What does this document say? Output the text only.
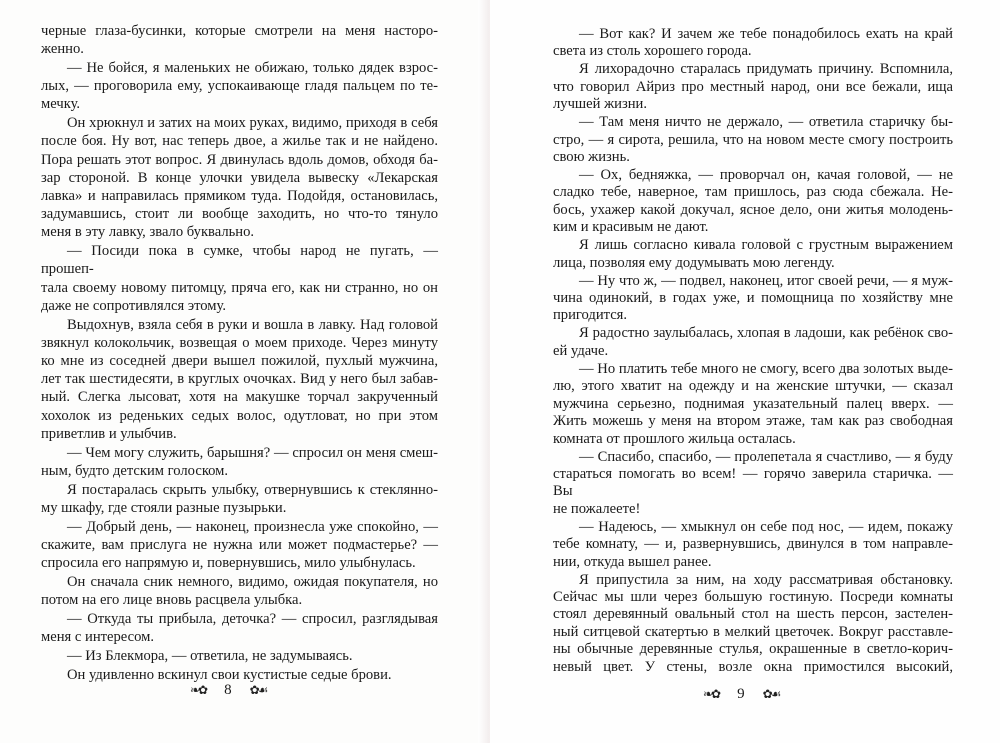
черные глаза-бусинки, которые смотрели на меня насторо-
женно.
— Не бойся, я маленьких не обижаю, только дядек взрос-
лых, — проговорила ему, успокаивающе гладя пальцем по те-
мечку.
Он хрюкнул и затих на моих руках, видимо, приходя в себя
после боя. Ну вот, нас теперь двое, а жилье так и не найдено.
Пора решать этот вопрос. Я двинулась вдоль домов, обходя ба-
зар стороной. В конце улочки увидела вывеску «Лекарская
лавка» и направилась прямиком туда. Подойдя, остановилась,
задумавшись, стоит ли вообще заходить, но что-то тянуло
меня в эту лавку, звало буквально.
— Посиди пока в сумке, чтобы народ не пугать, — прошеп-
тала своему новому питомцу, пряча его, как ни странно, но он
даже не сопротивлялся этому.
Выдохнув, взяла себя в руки и вошла в лавку. Над головой
звякнул колокольчик, возвещая о моем приходе. Через минуту
ко мне из соседней двери вышел пожилой, пухлый мужчина,
лет так шестидесяти, в круглых очочках. Вид у него был забав-
ный. Слегка лысоват, хотя на макушке торчал закрученный
хохолок из реденьких седых волос, одутловат, но при этом
приветлив и улыбчив.
— Чем могу служить, барышня? — спросил он меня смеш-
ным, будто детским голоском.
Я постаралась скрыть улыбку, отвернувшись к стеклянно-
му шкафу, где стояли разные пузырьки.
— Добрый день, — наконец, произнесла уже спокойно, —
скажите, вам прислуга не нужна или может подмастерье? —
спросила его напрямую и, повернувшись, мило улыбнулась.
Он сначала сник немного, видимо, ожидая покупателя, но
потом на его лице вновь расцвела улыбка.
— Откуда ты прибыла, деточка? — спросил, разглядывая
меня с интересом.
— Из Блекмора, — ответила, не задумываясь.
Он удивленно вскинул свои кустистые седые брови.
❧✿ 8 ✿☙
— Вот как? И зачем же тебе понадобилось ехать на край
света из столь хорошего города.
Я лихорадочно старалась придумать причину. Вспомнила,
что говорил Айриз про местный народ, они все бежали, ища
лучшей жизни.
— Там меня ничто не держало, — ответила старичку бы-
стро, — я сирота, решила, что на новом месте смогу построить
свою жизнь.
— Ох, бедняжка, — проворчал он, качая головой, — не
сладко тебе, наверное, там пришлось, раз сюда сбежала. Не-
бось, ухажер какой докучал, ясное дело, они житья молодень-
ким и красивым не дают.
Я лишь согласно кивала головой с грустным выражением
лица, позволяя ему додумывать мою легенду.
— Ну что ж, — подвел, наконец, итог своей речи, — я муж-
чина одинокий, в годах уже, и помощница по хозяйству мне
пригодится.
Я радостно заулыбалась, хлопая в ладоши, как ребёнок сво-
ей удаче.
— Но платить тебе много не смогу, всего два золотых выде-
лю, этого хватит на одежду и на женские штучки, — сказал
мужчина серьезно, поднимая указательный палец вверх. —
Жить можешь у меня на втором этаже, там как раз свободная
комната от прошлого жильца осталась.
— Спасибо, спасибо, — пролепетала я счастливо, — я буду
стараться помогать во всем! — горячо заверила старичка. — Вы
не пожалеете!
— Надеюсь, — хмыкнул он себе под нос, — идем, покажу
тебе комнату, — и, развернувшись, двинулся в том направле-
нии, откуда вышел ранее.
Я припустила за ним, на ходу рассматривая обстановку.
Сейчас мы шли через большую гостиную. Посреди комнаты
стоял деревянный овальный стол на шесть персон, застелен-
ный ситцевой скатертью в мелкий цветочек. Вокруг расставле-
ны обычные деревянные стулья, окрашенные в светло-корич-
невый цвет. У стены, возле окна примостился высокий,
❧✿ 9 ✿☙
